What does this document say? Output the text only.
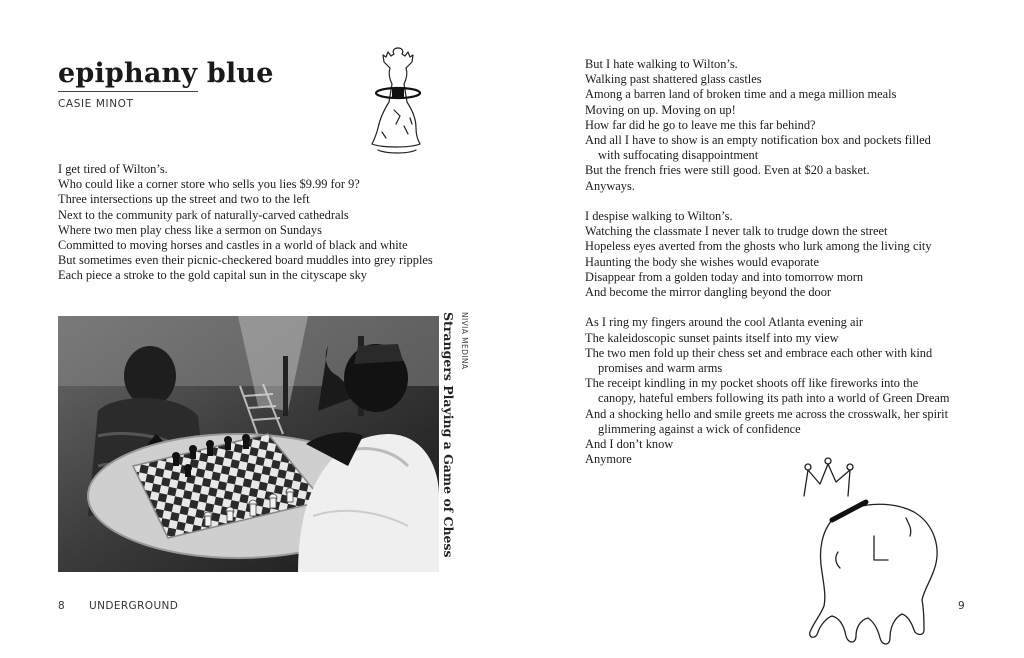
epiphany blue
CASIE MINOT
I get tired of Wilton’s.
Who could like a corner store who sells you lies $9.99 for 9?
Three intersections up the street and two to the left
Next to the community park of naturally-carved cathedrals
Where two men play chess like a sermon on Sundays
Committed to moving horses and castles in a world of black and white
But sometimes even their picnic-checkered board muddles into grey ripples
Each piece a stroke to the gold capital sun in the cityscape sky
NIVIA MEDINA
Strangers Playing a Game of Chess
8 UNDERGROUND
But I hate walking to Wilton’s.
Walking past shattered glass castles
Among a barren land of broken time and a mega million meals
Moving on up. Moving on up!
How far did he go to leave me this far behind?
And all I have to show is an empty notification box and pockets filled
with suffocating disappointment
But the french fries were still good. Even at $20 a basket.
Anyways.
I despise walking to Wilton’s.
Watching the classmate I never talk to trudge down the street
Hopeless eyes averted from the ghosts who lurk among the living city
Haunting the body she wishes would evaporate
Disappear from a golden today and into tomorrow morn
And become the mirror dangling beyond the door
As I ring my fingers around the cool Atlanta evening air
The kaleidoscopic sunset paints itself into my view
The two men fold up their chess set and embrace each other with kind
promises and warm arms
The receipt kindling in my pocket shoots off like fireworks into the
canopy, hateful embers following its path into a world of Green Dream
And a shocking hello and smile greets me across the crosswalk, her spirit
glimmering against a wick of confidence
And I don’t know
Anymore
9
